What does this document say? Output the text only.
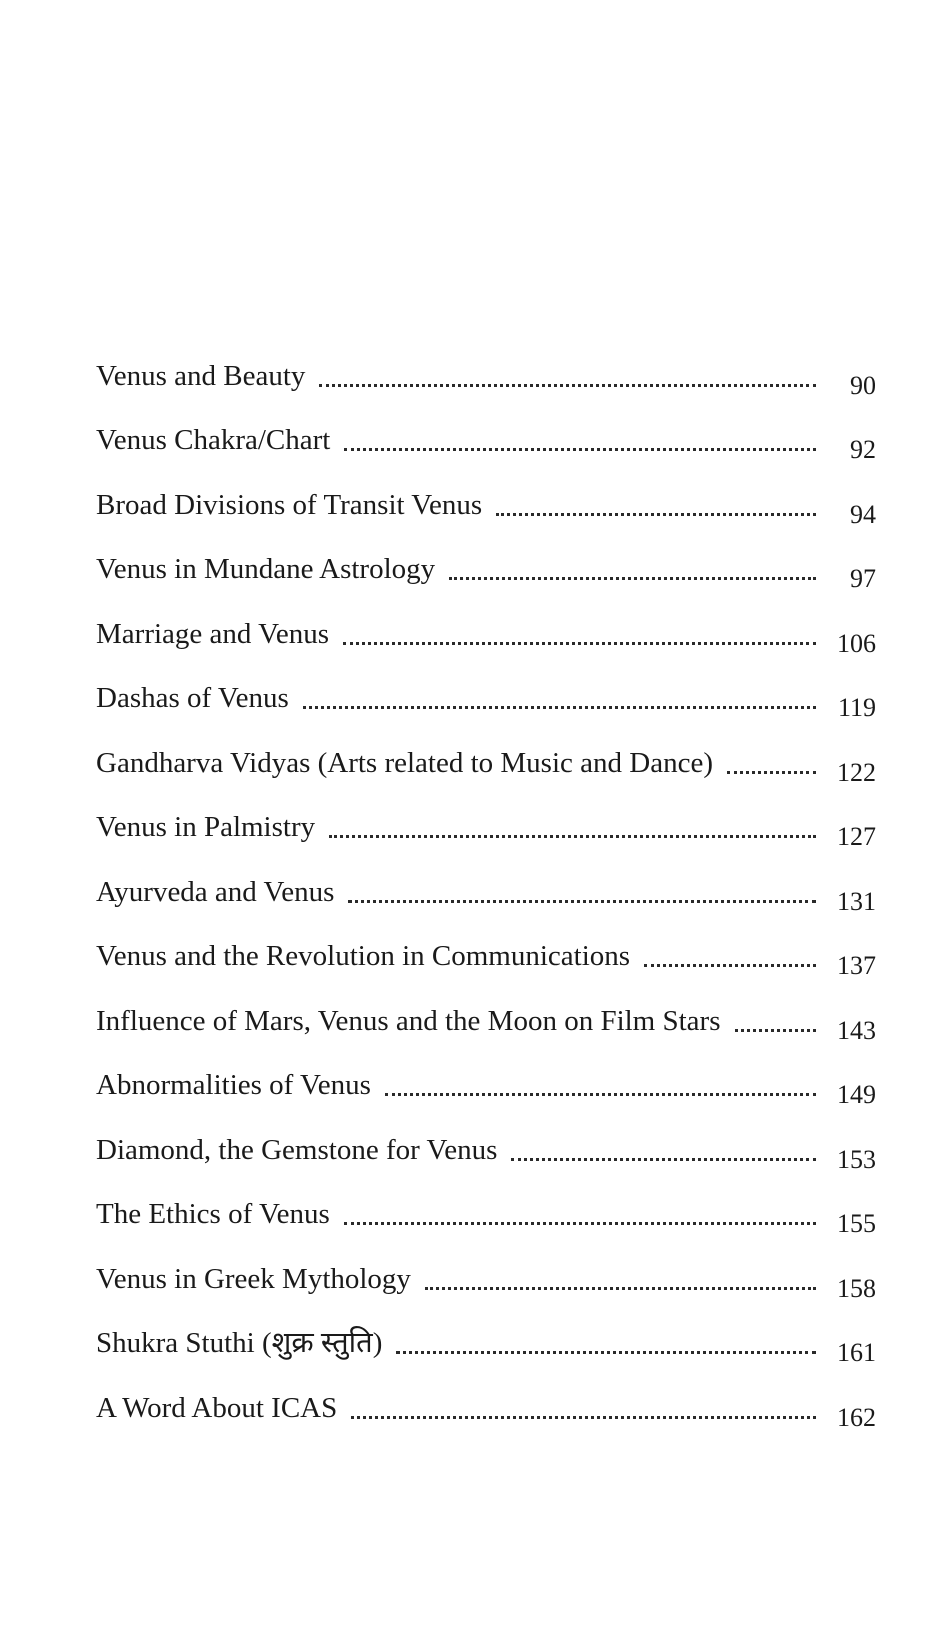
Venus and Beauty	90
Venus Chakra/Chart	92
Broad Divisions of Transit Venus	94
Venus in Mundane Astrology	97
Marriage and Venus	106
Dashas of Venus	119
Gandharva Vidyas (Arts related to Music and Dance)	122
Venus in Palmistry	127
Ayurveda and Venus	131
Venus and the Revolution in Communications	137
Influence of Mars, Venus and the Moon on Film Stars	143
Abnormalities of Venus	149
Diamond, the Gemstone for Venus	153
The Ethics of Venus	155
Venus in Greek Mythology	158
Shukra Stuthi (शुक्र स्तुति)	161
A Word About ICAS	162
